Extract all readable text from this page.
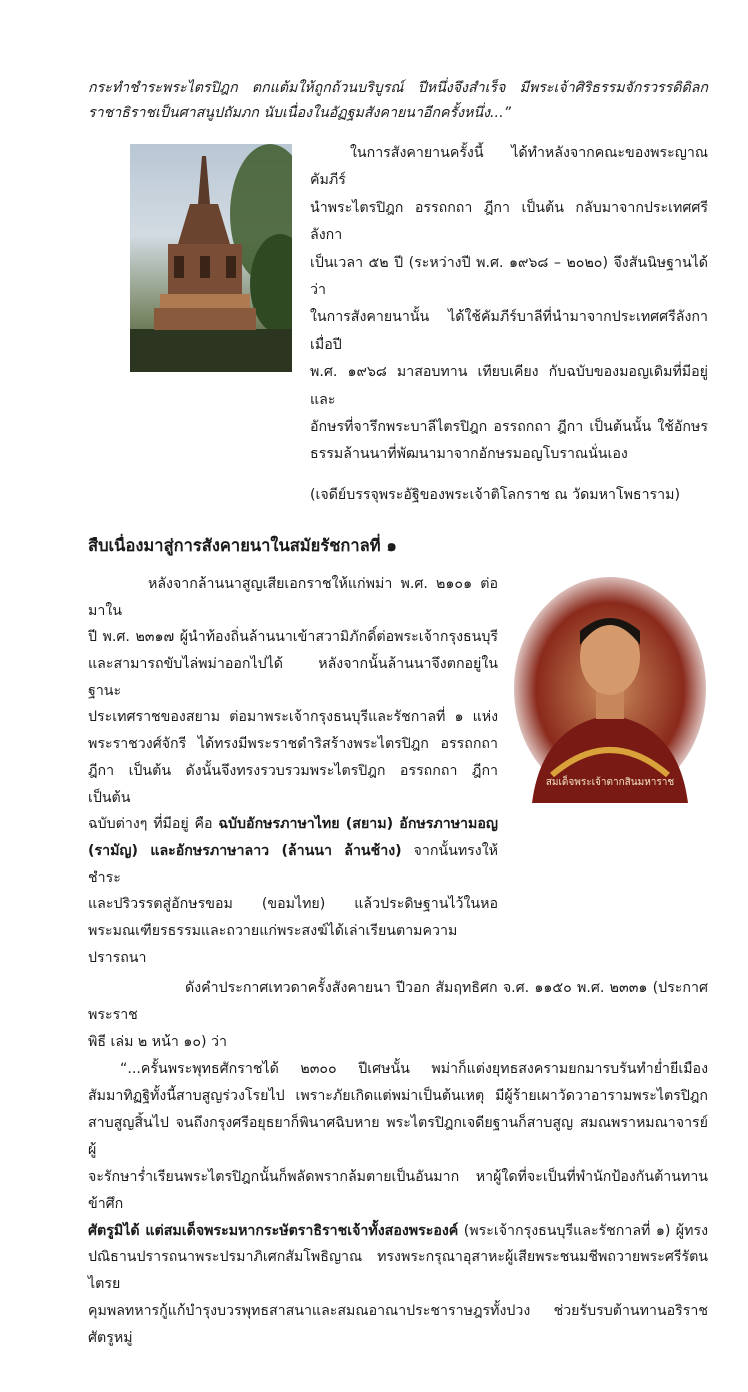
กระทำชำระพระไตรปิฎก ตกแต้มให้ถูกถ้วนบริบูรณ์ ปีหนึ่งจึงสำเร็จ มีพระเจ้าศิริธรรมจักรวรรดิดิลก
ราชาธิราชเป็นศาสนูปถัมภก นับเนื่องในอัฏฐมสังคายนาอีกครั้งหนึ่ง...”
ในการสังคายานครั้งนี้ ได้ทำหลังจากคณะของพระญาณคัมภีร์
นำพระไตรปิฎก อรรถกถา ฎีกา เป็นต้น กลับมาจากประเทศศรีลังกา
เป็นเวลา ๕๒ ปี (ระหว่างปี พ.ศ. ๑๙๖๘ – ๒๐๒๐) จึงสันนิษฐานได้ว่า
ในการสังคายนานั้น ได้ใช้คัมภีร์บาลีที่นำมาจากประเทศศรีลังกาเมื่อปี
พ.ศ. ๑๙๖๘ มาสอบทาน เทียบเคียง กับฉบับของมอญเดิมที่มีอยู่ และ
อักษรที่จารึกพระบาลีไตรปิฎก อรรถกถา ฎีกา เป็นต้นนั้น ใช้อักษร
ธรรมล้านนาที่พัฒนามาจากอักษรมอญโบราณนั่นเอง
(เจดีย์บรรจุพระอัฐิของพระเจ้าติโลกราช ณ วัดมหาโพธาราม)
สืบเนื่องมาสู่การสังคายนาในสมัยรัชกาลที่ ๑
หลังจากล้านนาสูญเสียเอกราชให้แก่พม่า พ.ศ. ๒๑๐๑ ต่อมาใน
ปี พ.ศ. ๒๓๑๗ ผู้นำท้องถิ่นล้านนาเข้าสวามิภักดิ์ต่อพระเจ้ากรุงธนบุรี
และสามารถขับไล่พม่าออกไปได้ หลังจากนั้นล้านนาจึงตกอยู่ในฐานะ
ประเทศราชของสยาม ต่อมาพระเจ้ากรุงธนบุรีและรัชกาลที่ ๑ แห่ง
พระราชวงศ์จักรี ได้ทรงมีพระราชดำริสร้างพระไตรปิฎก อรรถกถา
ฎีกา เป็นต้น ดังนั้นจึงทรงรวบรวมพระไตรปิฎก อรรถกถา ฎีกา เป็นต้น
ฉบับต่างๆ ที่มีอยู่ คือ ฉบับอักษรภาษาไทย (สยาม) อักษรภาษามอญ
(รามัญ) และอักษรภาษาลาว (ล้านนา ล้านช้าง) จากนั้นทรงให้ชำระ
และปริวรรตสู่อักษรขอม (ขอมไทย) แล้วประดิษฐานไว้ในหอ
พระมณเฑียรธรรมและถวายแก่พระสงฆ์ได้เล่าเรียนตามความปรารถนา
สมเด็จพระเจ้าตากสินมหาราช
ดังคำประกาศเทวดาครั้งสังคายนา ปีวอก สัมฤทธิศก จ.ศ. ๑๑๕๐ พ.ศ. ๒๓๓๑ (ประกาศพระราช
พิธี เล่ม ๒ หน้า ๑๐) ว่า
“...ครั้นพระพุทธศักราชได้ ๒๓๐๐ ปีเศษนั้น พม่าก็แต่งยุทธสงครามยกมารบรันทำย่ำยีเมือง
สัมมาทิฏฐิทั้งนี้สาบสูญร่วงโรยไป เพราะภัยเกิดแต่พม่าเป็นต้นเหตุ มีผู้ร้ายเผาวัดวาอารามพระไตรปิฎก
สาบสูญสิ้นไป จนถึงกรุงศรีอยุธยาก็พินาศฉิบหาย พระไตรปิฎกเจดียฐานก็สาบสูญ สมณพราหมณาจารย์ผู้
จะรักษาร่ำเรียนพระไตรปิฎกนั้นก็พลัดพรากล้มตายเป็นอันมาก หาผู้ใดที่จะเป็นที่พำนักป้องกันต้านทานข้าศึก
ศัตรูมิได้ แต่สมเด็จพระมหากระษัตราธิราชเจ้าทั้งสองพระองค์ (พระเจ้ากรุงธนบุรีและรัชกาลที่ ๑) ผู้ทรง
ปณิธานปรารถนาพระปรมาภิเศกสัมโพธิญาณ ทรงพระกรุณาอุสาหะผู้เสียพระชนมชีพถวายพระศรีรัตนไตรย
คุมพลทหารกู้แก้บำรุงบวรพุทธสาสนาและสมณอาณาประชาราษฎรทั้งปวง ช่วยรับรบต้านทานอริราชศัตรูหมู่
